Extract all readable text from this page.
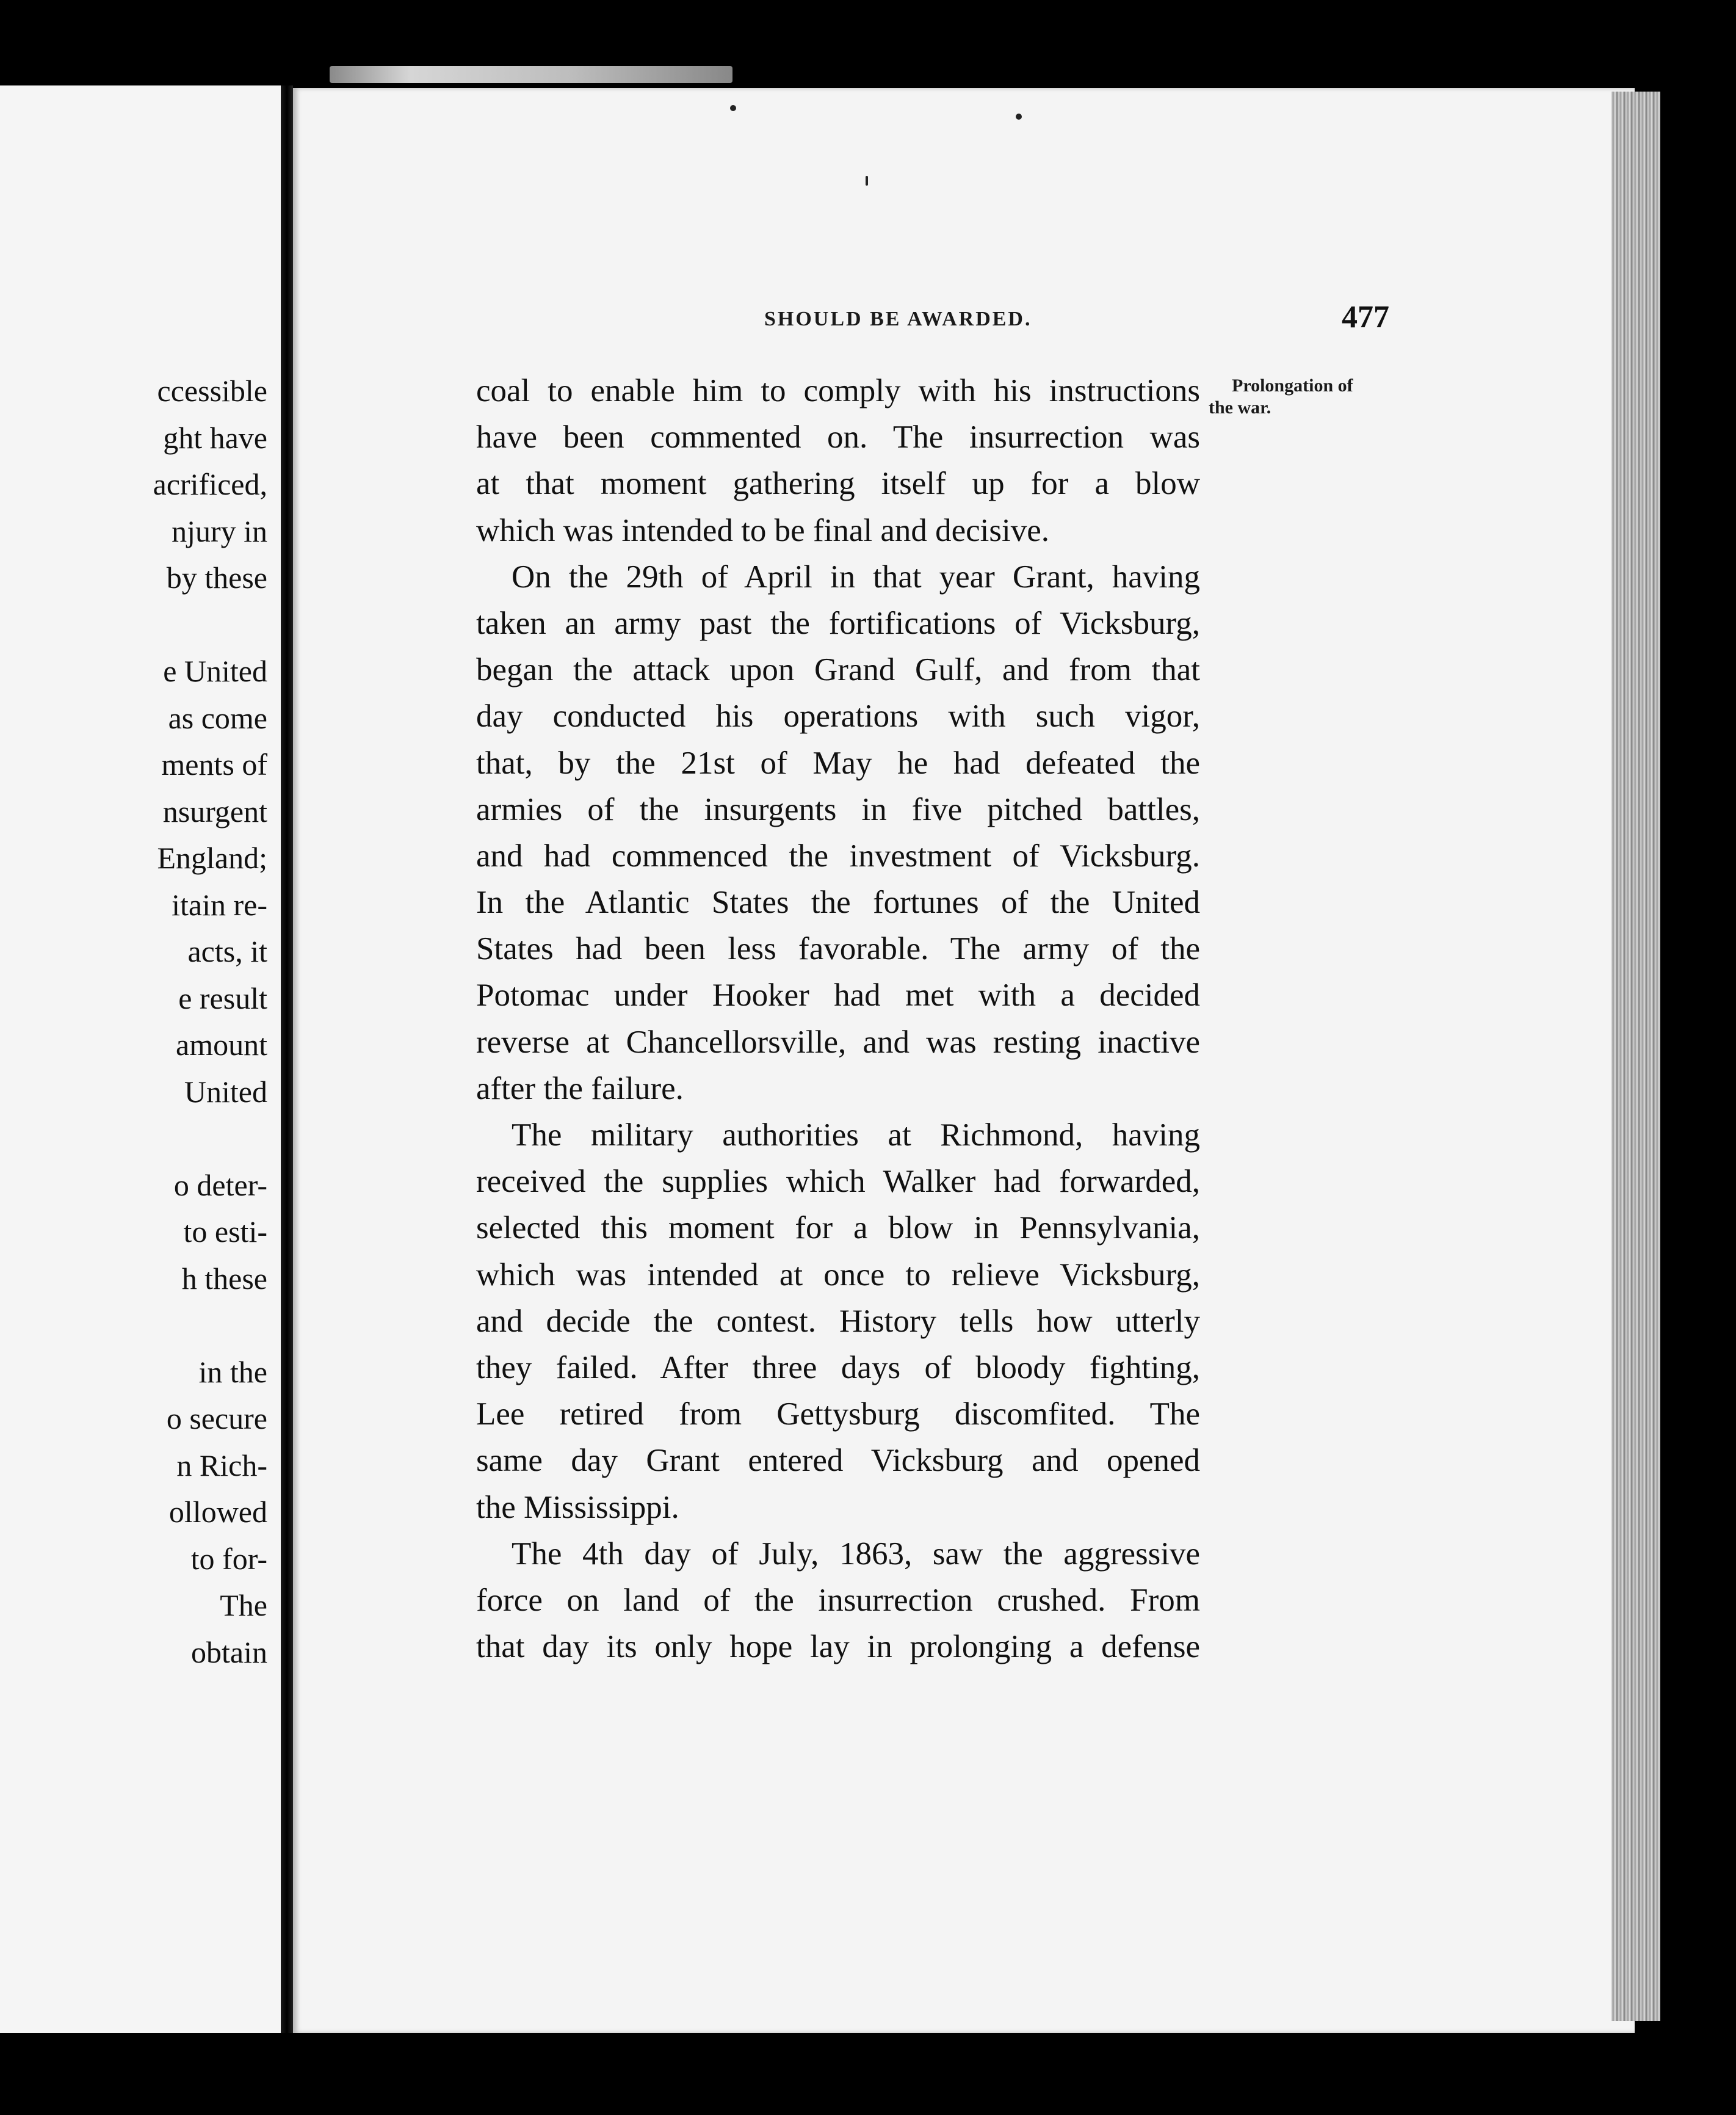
ccessible
ght have
acrificed,
njury in
by these
e United
as come
ments of
nsurgent
England;
itain re-
acts, it
e result
amount
United
o deter-
to esti-
h these
in the
o secure
n Rich-
ollowed
to for-
The
obtain
SHOULD BE AWARDED.	477
Prolongation of
the war.
coal to enable him to comply with his instructions
have been commented on. The insurrection was
at that moment gathering itself up for a blow
which was intended to be final and decisive.
On the 29th of April in that year Grant, having
taken an army past the fortifications of Vicksburg,
began the attack upon Grand Gulf, and from that
day conducted his operations with such vigor,
that, by the 21st of May he had defeated the
armies of the insurgents in five pitched battles,
and had commenced the investment of Vicksburg.
In the Atlantic States the fortunes of the United
States had been less favorable. The army of the
Potomac under Hooker had met with a decided
reverse at Chancellorsville, and was resting inactive
after the failure.
The military authorities at Richmond, having
received the supplies which Walker had forwarded,
selected this moment for a blow in Pennsylvania,
which was intended at once to relieve Vicksburg,
and decide the contest. History tells how utterly
they failed. After three days of bloody fighting,
Lee retired from Gettysburg discomfited. The
same day Grant entered Vicksburg and opened
the Mississippi.
The 4th day of July, 1863, saw the aggressive
force on land of the insurrection crushed. From
that day its only hope lay in prolonging a defense
